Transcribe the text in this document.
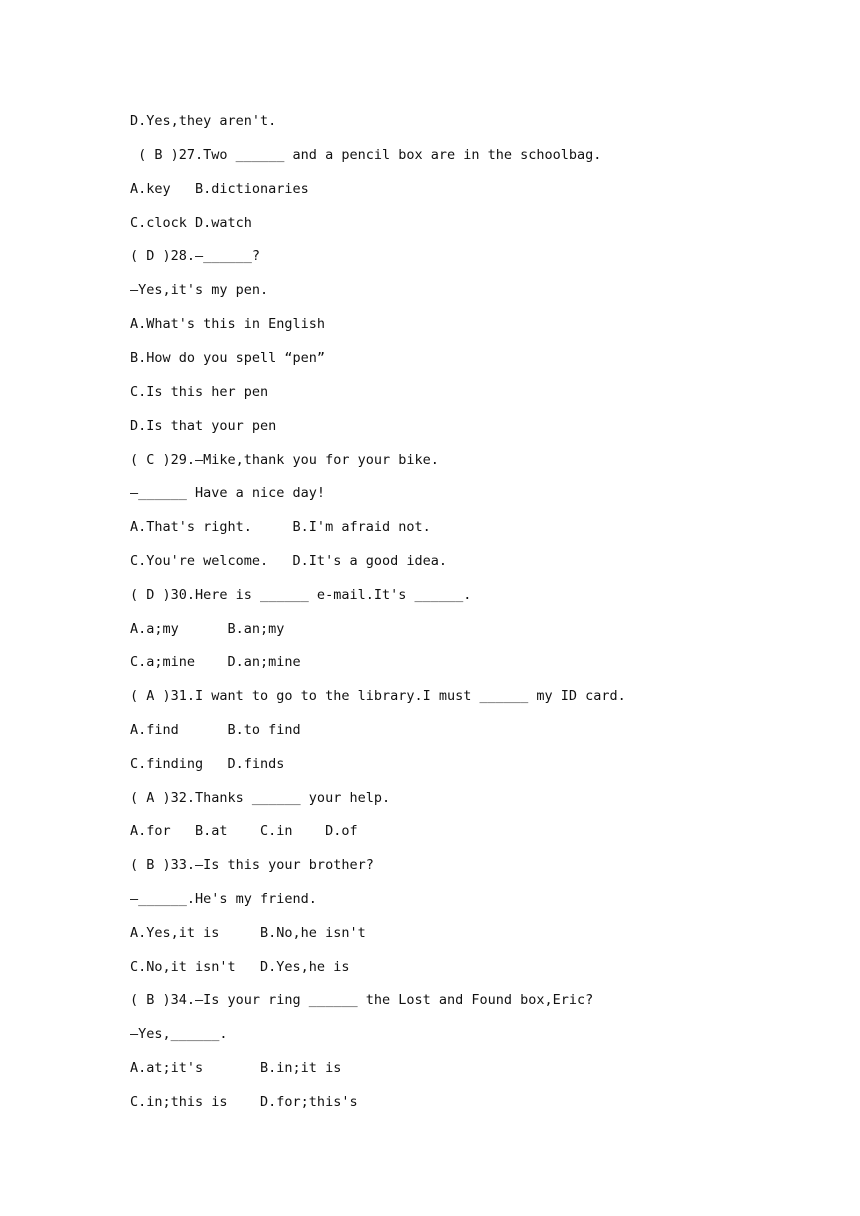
D.Yes,they aren't.
( B )27.Two ______ and a pencil box are in the schoolbag.
A.key   B.dictionaries
C.clock D.watch
( D )28.—______?
—Yes,it's my pen.
A.What's this in English
B.How do you spell “pen”
C.Is this her pen
D.Is that your pen
( C )29.—Mike,thank you for your bike.
—______ Have a nice day!
A.That's right.     B.I'm afraid not.
C.You're welcome.   D.It's a good idea.
( D )30.Here is ______ e-mail.It's ______.
A.a;my      B.an;my
C.a;mine    D.an;mine
( A )31.I want to go to the library.I must ______ my ID card.
A.find      B.to find
C.finding   D.finds
( A )32.Thanks ______ your help.
A.for   B.at    C.in    D.of
( B )33.—Is this your brother?
—______.He's my friend.
A.Yes,it is     B.No,he isn't
C.No,it isn't   D.Yes,he is
( B )34.—Is your ring ______ the Lost and Found box,Eric?
—Yes,______.
A.at;it's       B.in;it is
C.in;this is    D.for;this's
